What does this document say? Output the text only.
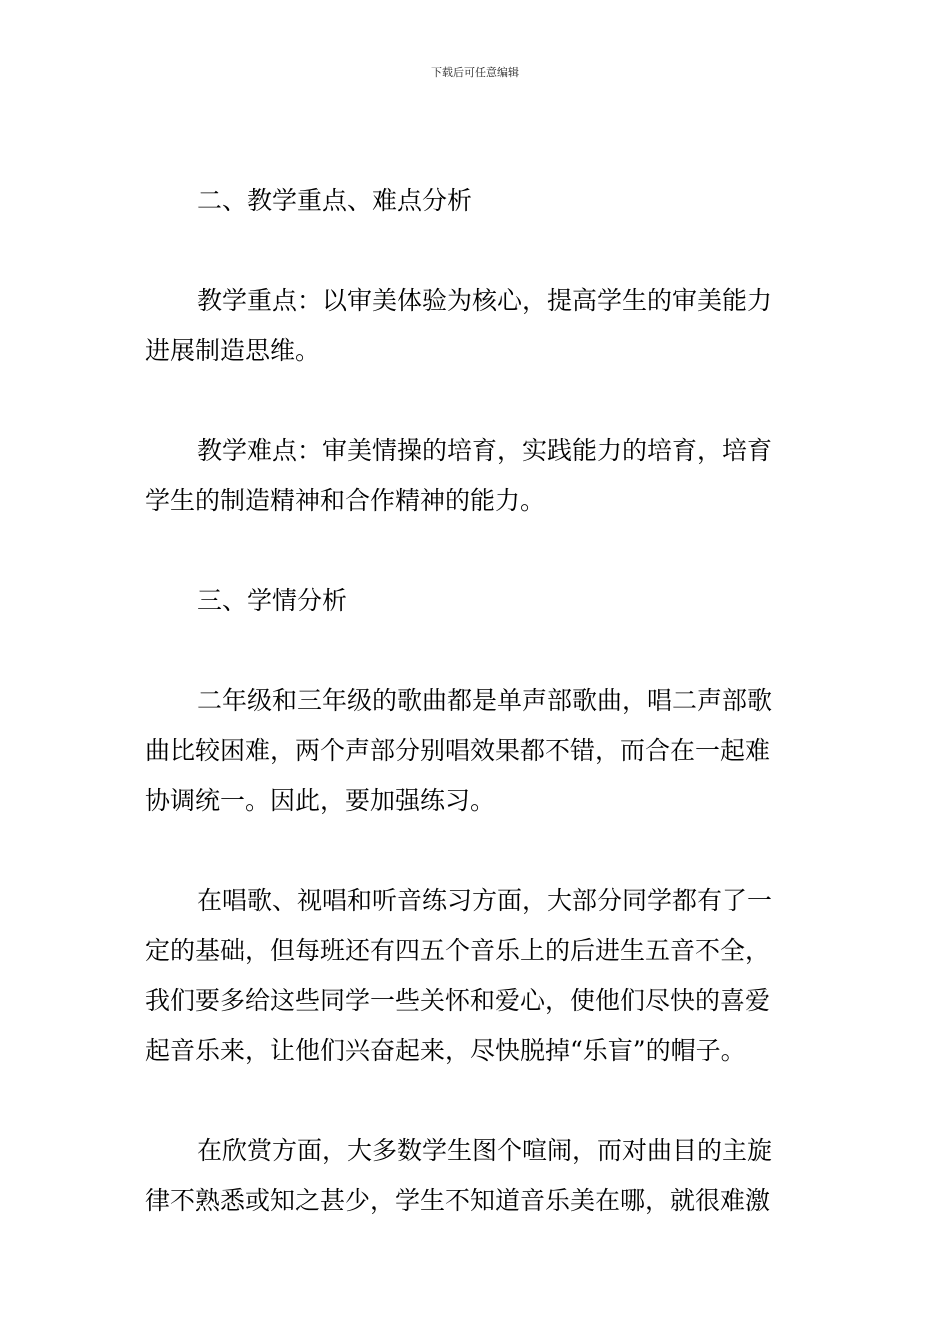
下载后可任意编辑
二、教学重点、难点分析
教学重点：以审美体验为核心，提高学生的审美能力
进展制造思维。
教学难点：审美情操的培育，实践能力的培育，培育
学生的制造精神和合作精神的能力。
三、学情分析
二年级和三年级的歌曲都是单声部歌曲，唱二声部歌
曲比较困难，两个声部分别唱效果都不错，而合在一起难
协调统一。因此，要加强练习。
在唱歌、视唱和听音练习方面，大部分同学都有了一
定的基础，但每班还有四五个音乐上的后进生五音不全，
我们要多给这些同学一些关怀和爱心，使他们尽快的喜爱
起音乐来，让他们兴奋起来，尽快脱掉“乐盲”的帽子。
在欣赏方面，大多数学生图个喧闹，而对曲目的主旋
律不熟悉或知之甚少，学生不知道音乐美在哪，就很难激
